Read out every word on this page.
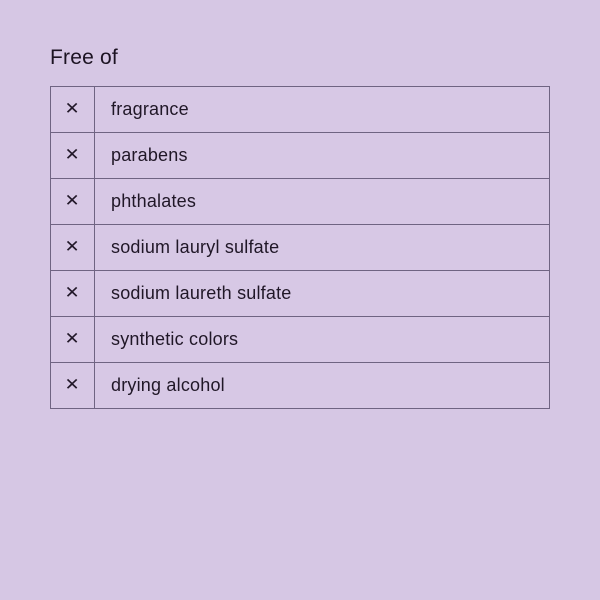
Free of
✕	fragrance
✕	parabens
✕	phthalates
✕	sodium lauryl sulfate
✕	sodium laureth sulfate
✕	synthetic colors
✕	drying alcohol
